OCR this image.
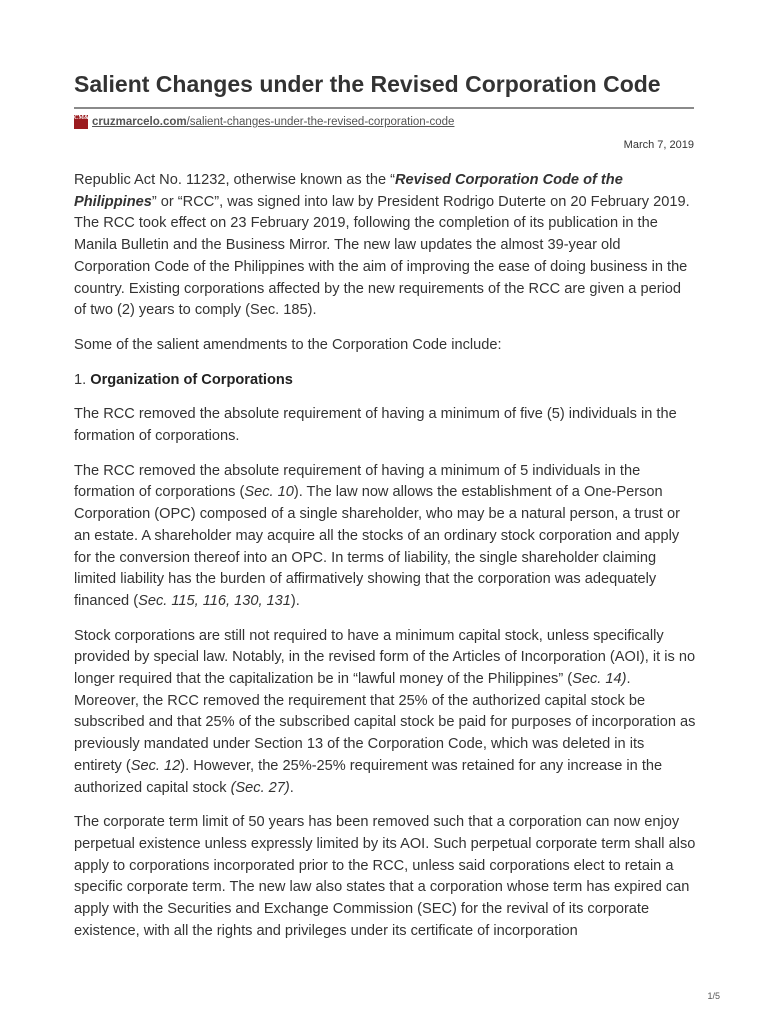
Salient Changes under the Revised Corporation Code
CM&T cruzmarcelo.com/salient-changes-under-the-revised-corporation-code
March 7, 2019

Republic Act No. 11232, otherwise known as the “Revised Corporation Code of the Philippines” or “RCC”, was signed into law by President Rodrigo Duterte on 20 February 2019. The RCC took effect on 23 February 2019, following the completion of its publication in the Manila Bulletin and the Business Mirror. The new law updates the almost 39-year old Corporation Code of the Philippines with the aim of improving the ease of doing business in the country. Existing corporations affected by the new requirements of the RCC are given a period of two (2) years to comply (Sec. 185).

Some of the salient amendments to the Corporation Code include:

1. Organization of Corporations

The RCC removed the absolute requirement of having a minimum of five (5) individuals in the formation of corporations.

The RCC removed the absolute requirement of having a minimum of 5 individuals in the formation of corporations (Sec. 10). The law now allows the establishment of a One-Person Corporation (OPC) composed of a single shareholder, who may be a natural person, a trust or an estate. A shareholder may acquire all the stocks of an ordinary stock corporation and apply for the conversion thereof into an OPC. In terms of liability, the single shareholder claiming limited liability has the burden of affirmatively showing that the corporation was adequately financed (Sec. 115, 116, 130, 131).

Stock corporations are still not required to have a minimum capital stock, unless specifically provided by special law. Notably, in the revised form of the Articles of Incorporation (AOI), it is no longer required that the capitalization be in “lawful money of the Philippines” (Sec. 14). Moreover, the RCC removed the requirement that 25% of the authorized capital stock be subscribed and that 25% of the subscribed capital stock be paid for purposes of incorporation as previously mandated under Section 13 of the Corporation Code, which was deleted in its entirety (Sec. 12). However, the 25%-25% requirement was retained for any increase in the authorized capital stock (Sec. 27).

The corporate term limit of 50 years has been removed such that a corporation can now enjoy perpetual existence unless expressly limited by its AOI. Such perpetual corporate term shall also apply to corporations incorporated prior to the RCC, unless said corporations elect to retain a specific corporate term. The new law also states that a corporation whose term has expired can apply with the Securities and Exchange Commission (SEC) for the revival of its corporate existence, with all the rights and privileges under its certificate of incorporation

1/5
